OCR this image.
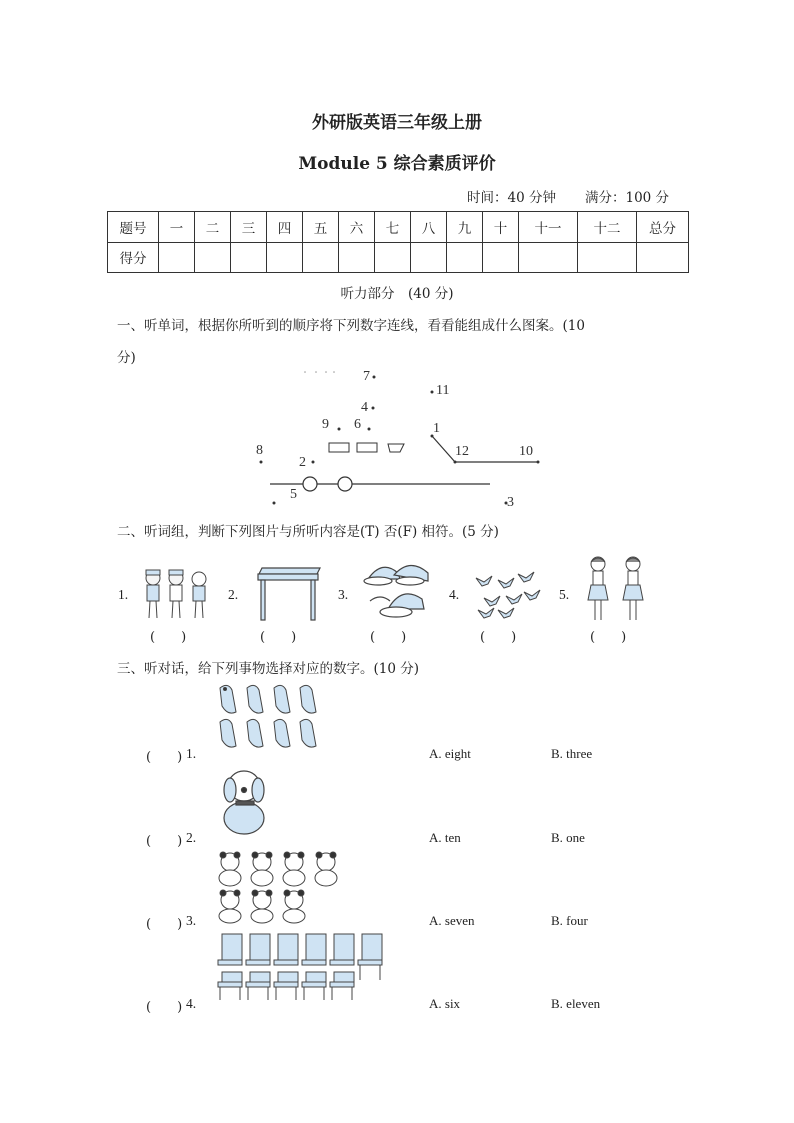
外研版英语三年级上册
Module 5 综合素质评价
时间：40 分钟 满分：100 分
题号	一	二	三	四	五	六	七	八	九	十	十一	十二	总分
得分													
听力部分　(40 分)
一、听单词，根据你所听到的顺序将下列数字连线，看看能组成什么图案。(10
分)
7
11
4
9 6	1
8
2
12	10
5
3
二、听词组，判断下列图片与所听内容是(T) 否(F) 相符。(5 分)
1.
(　　)
2.
(　　)
3.
(　　)
4.
(　　)
5.
(　　)
三、听对话，给下列事物选择对应的数字。(10 分)
(　　) 1.	A. eight	B. three
(　　) 2.	A. ten	B. one
(　　) 3.	A. seven	B. four
(　　) 4.	A. six	B. eleven
